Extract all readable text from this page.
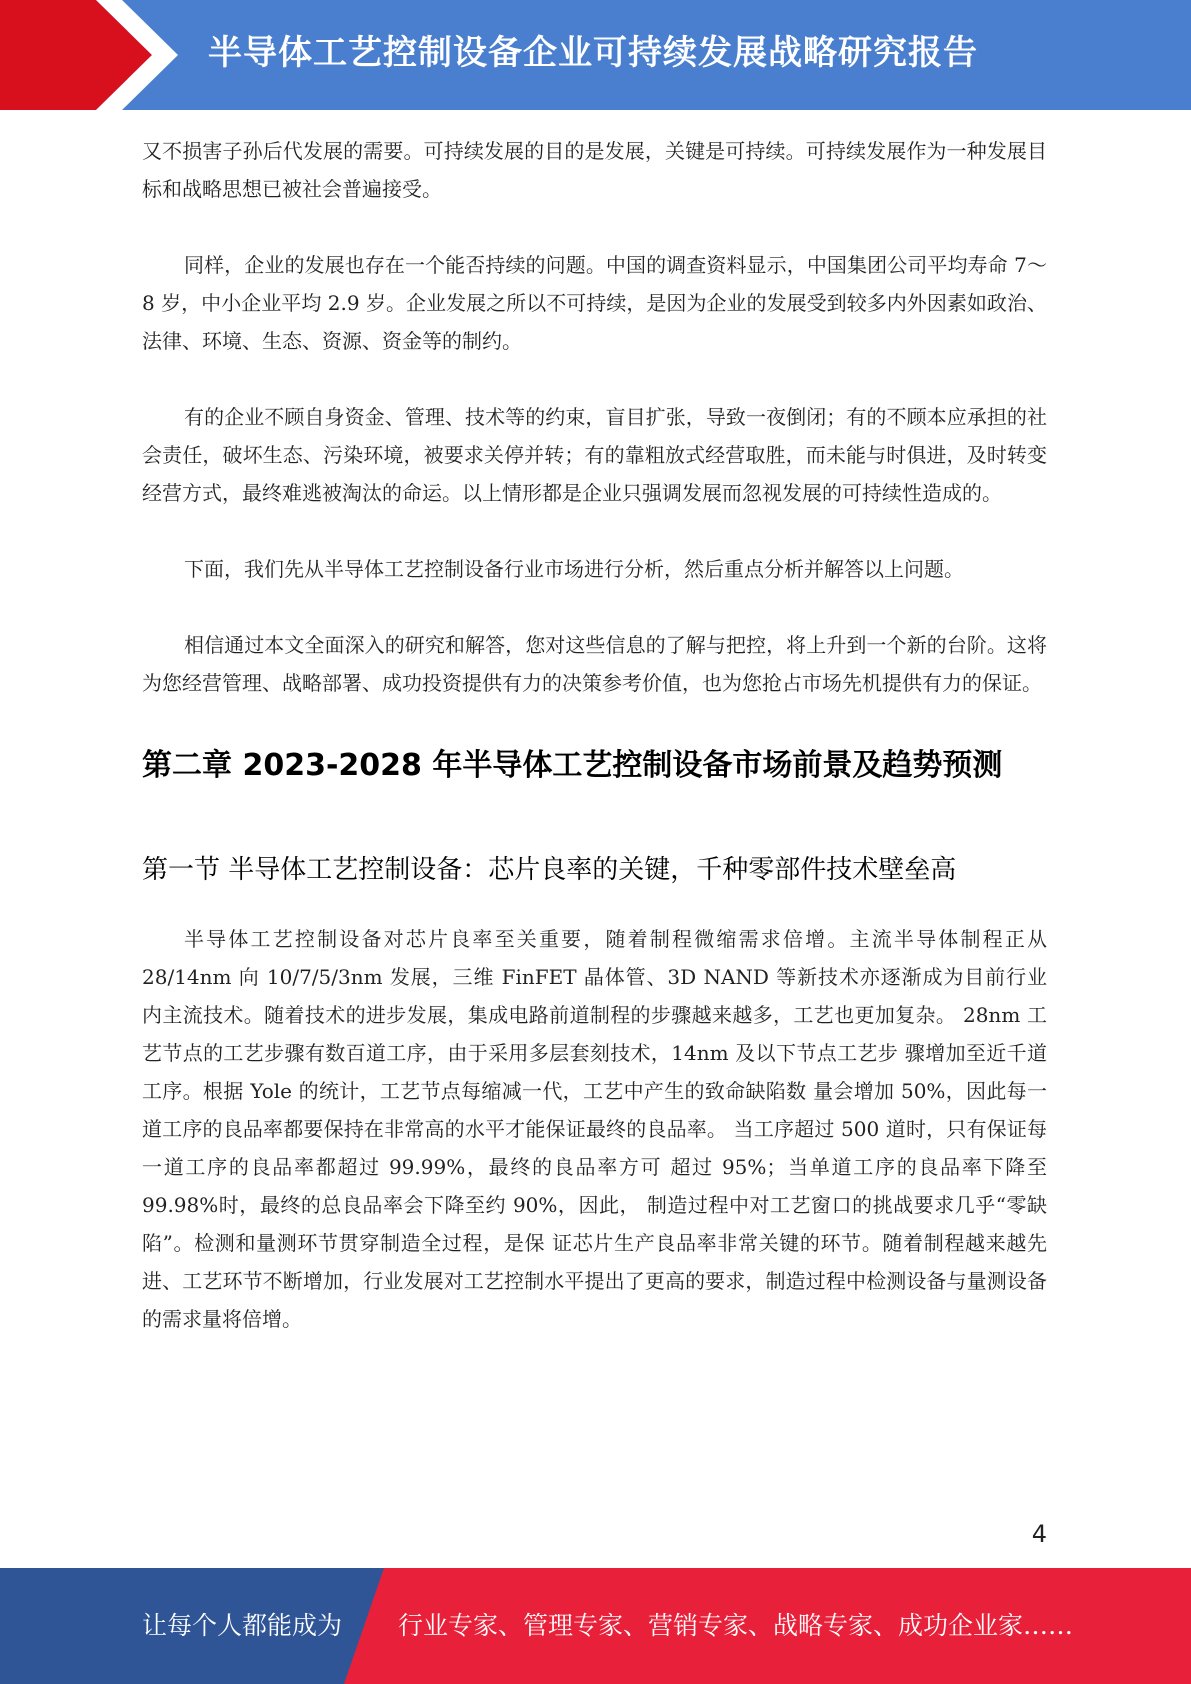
半导体工艺控制设备企业可持续发展战略研究报告

又不损害子孙后代发展的需要。可持续发展的目的是发展，关键是可持续。可持续发展作为一种发展目标和战略思想已被社会普遍接受。

同样，企业的发展也存在一个能否持续的问题。中国的调查资料显示，中国集团公司平均寿命 7～8 岁，中小企业平均 2.9 岁。企业发展之所以不可持续，是因为企业的发展受到较多内外因素如政治、法律、环境、生态、资源、资金等的制约。

有的企业不顾自身资金、管理、技术等的约束，盲目扩张，导致一夜倒闭；有的不顾本应承担的社会责任，破坏生态、污染环境，被要求关停并转；有的靠粗放式经营取胜，而未能与时俱进，及时转变经营方式，最终难逃被淘汰的命运。以上情形都是企业只强调发展而忽视发展的可持续性造成的。

下面，我们先从半导体工艺控制设备行业市场进行分析，然后重点分析并解答以上问题。

相信通过本文全面深入的研究和解答，您对这些信息的了解与把控，将上升到一个新的台阶。这将为您经营管理、战略部署、成功投资提供有力的决策参考价值，也为您抢占市场先机提供有力的保证。

第二章 2023-2028 年半导体工艺控制设备市场前景及趋势预测
第一节 半导体工艺控制设备：芯片良率的关键，千种零部件技术壁垒高

半导体工艺控制设备对芯片良率至关重要，随着制程微缩需求倍增。主流半导体制程正从 28/14nm 向 10/7/5/3nm 发展，三维 FinFET 晶体管、3D NAND 等新技术亦逐渐成为目前行业 内主流技术。随着技术的进步发展，集成电路前道制程的步骤越来越多，工艺也更加复杂。 28nm 工艺节点的工艺步骤有数百道工序，由于采用多层套刻技术，14nm 及以下节点工艺步 骤增加至近千道工序。根据 Yole 的统计，工艺节点每缩减一代，工艺中产生的致命缺陷数 量会增加 50%，因此每一道工序的良品率都要保持在非常高的水平才能保证最终的良品率。 当工序超过 500 道时，只有保证每一道工序的良品率都超过 99.99%，最终的良品率方可 超过 95%；当单道工序的良品率下降至 99.98%时，最终的总良品率会下降至约 90%，因此， 制造过程中对工艺窗口的挑战要求几乎“零缺陷”。检测和量测环节贯穿制造全过程，是保 证芯片生产良品率非常关键的环节。随着制程越来越先进、工艺环节不断增加，行业发展对工艺控制水平提出了更高的要求，制造过程中检测设备与量测设备的需求量将倍增。

4
让每个人都能成为 行业专家、管理专家、营销专家、战略专家、成功企业家……
